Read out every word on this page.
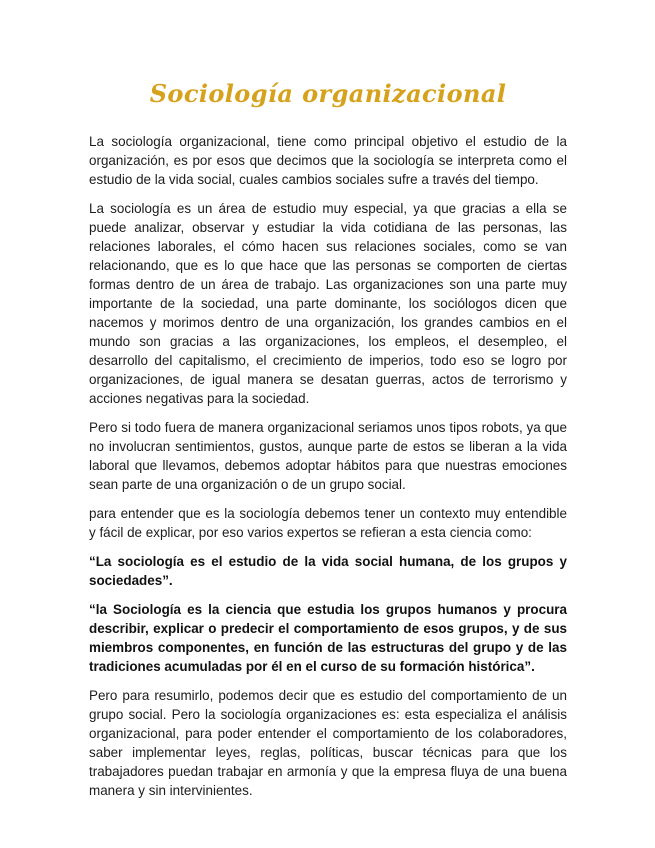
Sociología organizacional

La sociología organizacional, tiene como principal objetivo el estudio de la organización, es por esos que decimos que la sociología se interpreta como el estudio de la vida social, cuales cambios sociales sufre a través del tiempo.

La sociología es un área de estudio muy especial, ya que gracias a ella se puede analizar, observar y estudiar la vida cotidiana de las personas, las relaciones laborales, el cómo hacen sus relaciones sociales, como se van relacionando, que es lo que hace que las personas se comporten de ciertas formas dentro de un área de trabajo. Las organizaciones son una parte muy importante de la sociedad, una parte dominante, los sociólogos dicen que nacemos y morimos dentro de una organización, los grandes cambios en el mundo son gracias a las organizaciones, los empleos, el desempleo, el desarrollo del capitalismo, el crecimiento de imperios, todo eso se logro por organizaciones, de igual manera se desatan guerras, actos de terrorismo y acciones negativas para la sociedad.

Pero si todo fuera de manera organizacional seriamos unos tipos robots, ya que no involucran sentimientos, gustos, aunque parte de estos se liberan a la vida laboral que llevamos, debemos adoptar hábitos para que nuestras emociones sean parte de una organización o de un grupo social.

para entender que es la sociología debemos tener un contexto muy entendible y fácil de explicar, por eso varios expertos se refieran a esta ciencia como:

“La sociología es el estudio de la vida social humana, de los grupos y sociedades”.

“la Sociología es la ciencia que estudia los grupos humanos y procura describir, explicar o predecir el comportamiento de esos grupos, y de sus miembros componentes, en función de las estructuras del grupo y de las tradiciones acumuladas por él en el curso de su formación histórica”.

Pero para resumirlo, podemos decir que es estudio del comportamiento de un grupo social. Pero la sociología organizaciones es: esta especializa el análisis organizacional, para poder entender el comportamiento de los colaboradores, saber implementar leyes, reglas, políticas, buscar técnicas para que los trabajadores puedan trabajar en armonía y que la empresa fluya de una buena manera y sin intervinientes.
